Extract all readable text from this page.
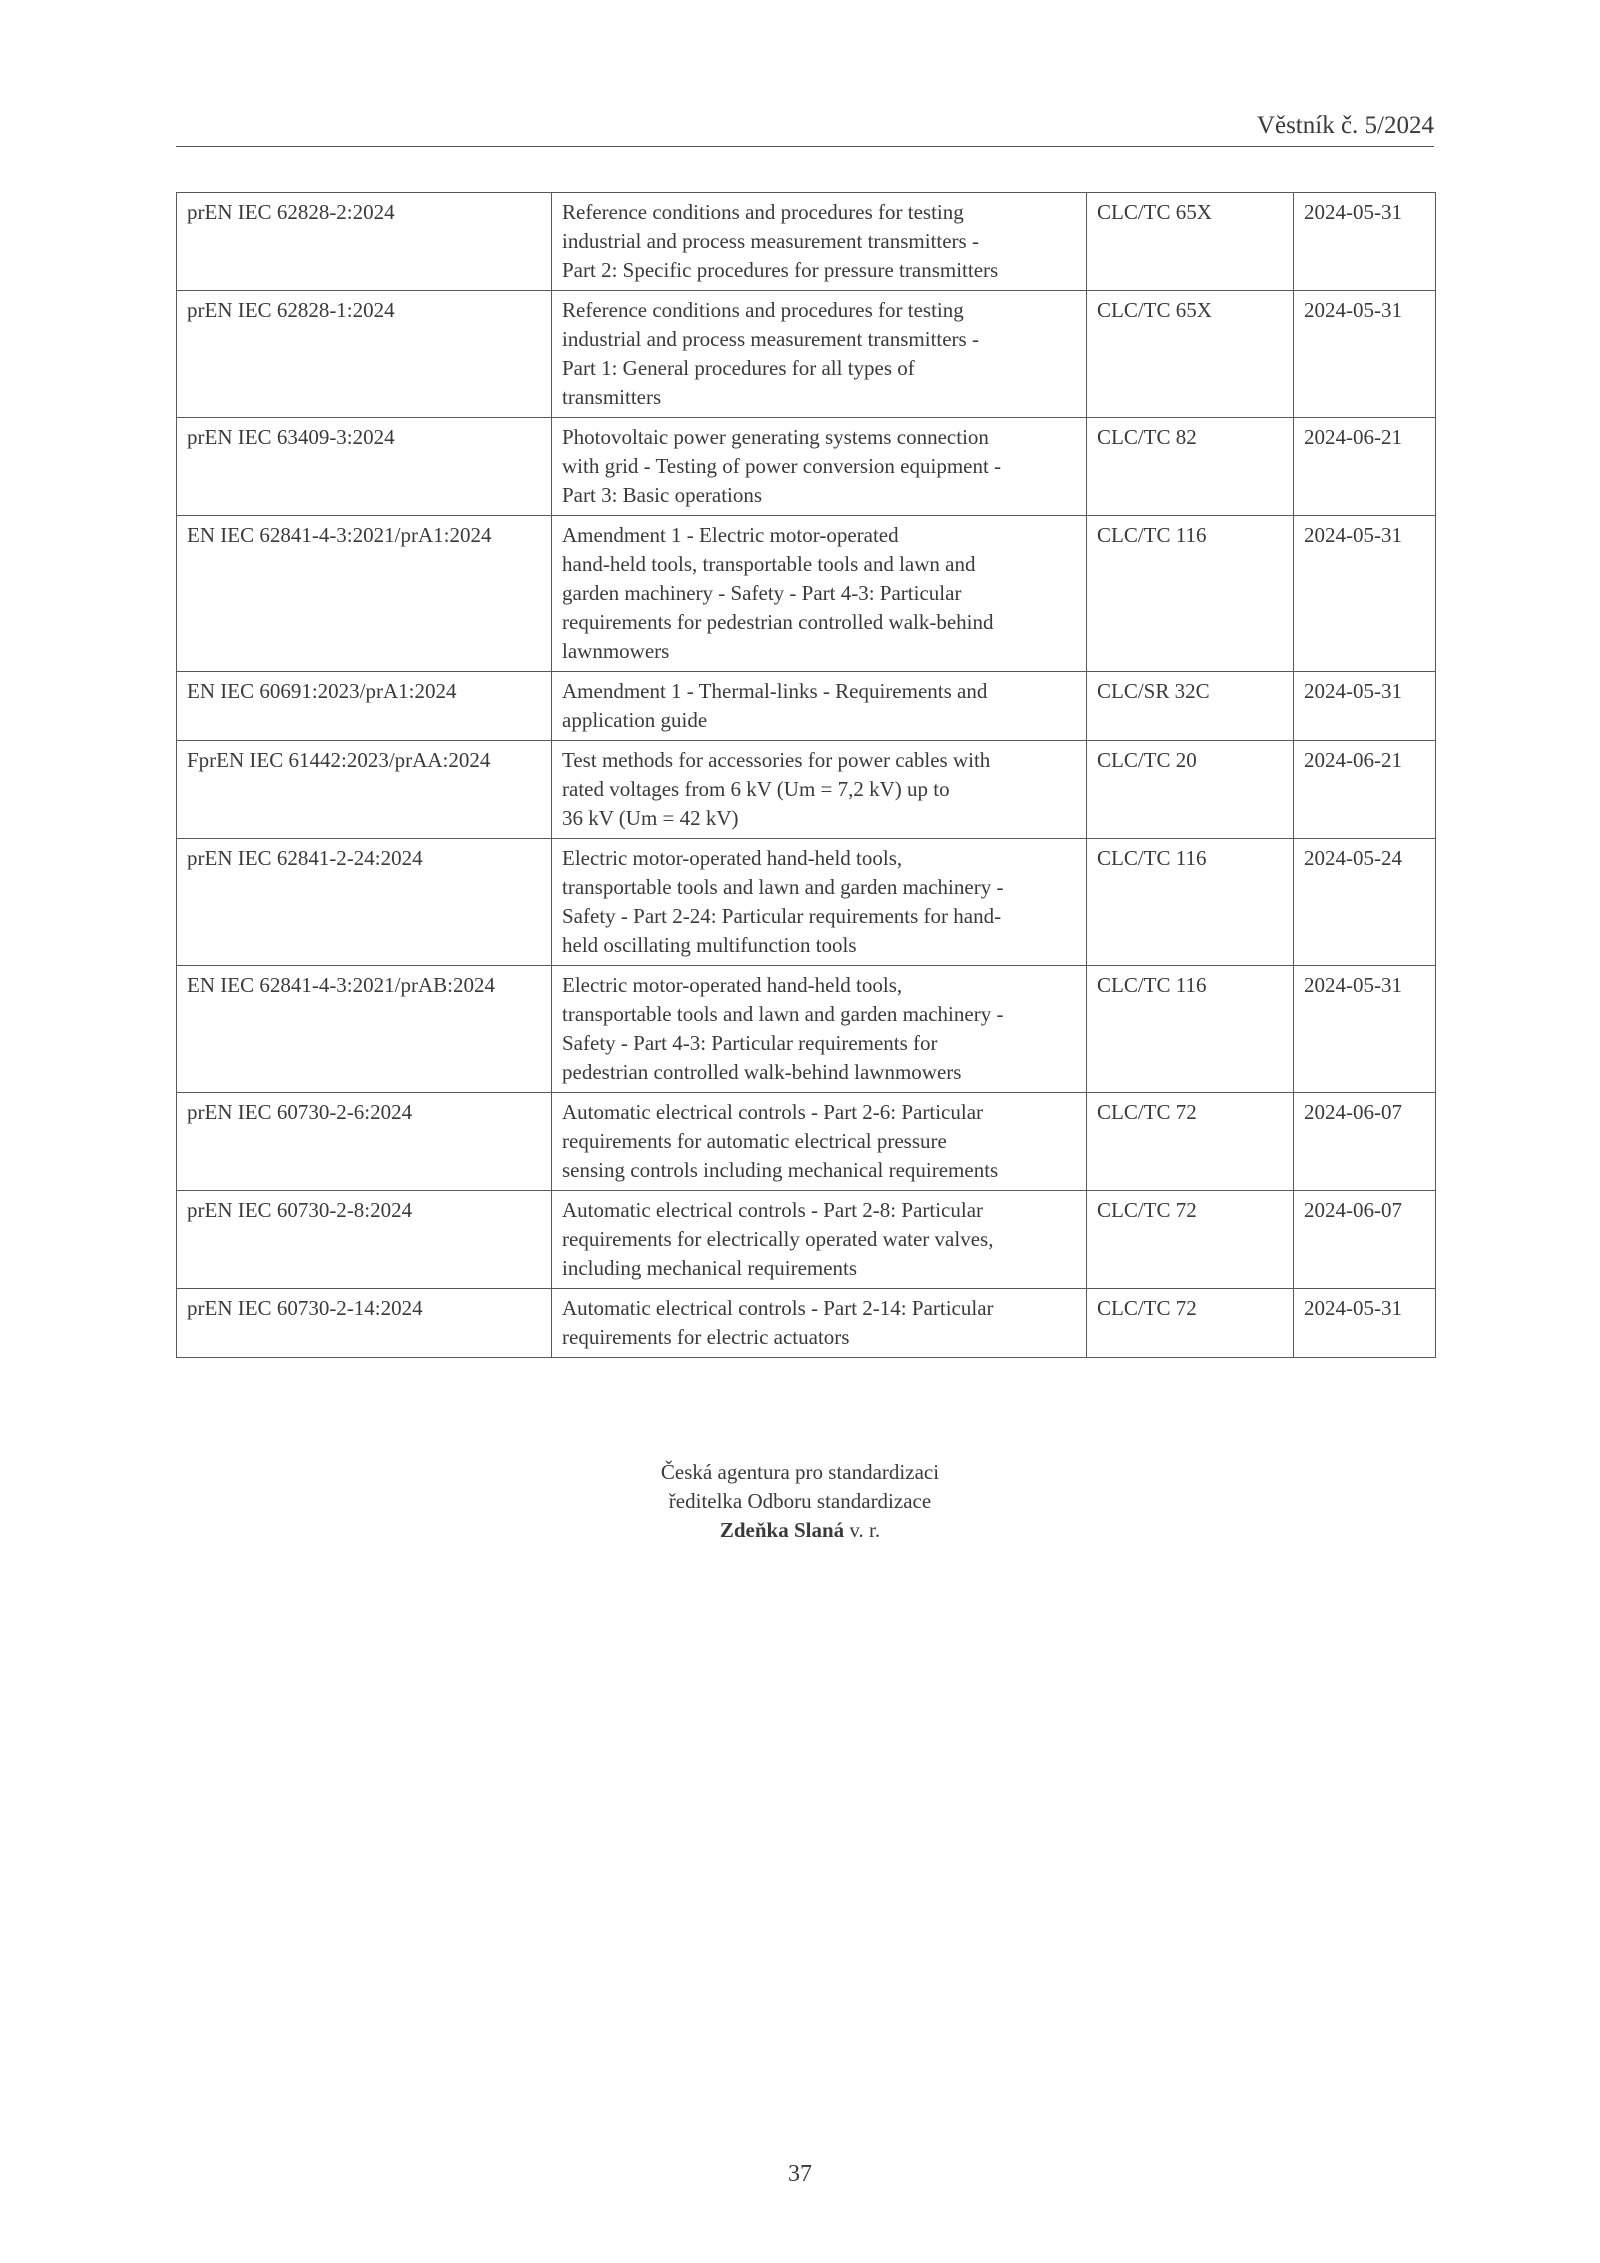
Věstník č. 5/2024
prEN IEC 62828-2:2024	Reference conditions and procedures for testing
industrial and process measurement transmitters -
Part 2: Specific procedures for pressure transmitters	CLC/TC 65X	2024-05-31
prEN IEC 62828-1:2024	Reference conditions and procedures for testing
industrial and process measurement transmitters -
Part 1: General procedures for all types of
transmitters	CLC/TC 65X	2024-05-31
prEN IEC 63409-3:2024	Photovoltaic power generating systems connection
with grid - Testing of power conversion equipment -
Part 3: Basic operations	CLC/TC 82	2024-06-21
EN IEC 62841-4-3:2021/prA1:2024	Amendment 1 - Electric motor-operated
hand-held tools, transportable tools and lawn and
garden machinery - Safety - Part 4-3: Particular
requirements for pedestrian controlled walk-behind
lawnmowers	CLC/TC 116	2024-05-31
EN IEC 60691:2023/prA1:2024	Amendment 1 - Thermal-links - Requirements and
application guide	CLC/SR 32C	2024-05-31
FprEN IEC 61442:2023/prAA:2024	Test methods for accessories for power cables with
rated voltages from 6 kV (Um = 7,2 kV) up to
36 kV (Um = 42 kV)	CLC/TC 20	2024-06-21
prEN IEC 62841-2-24:2024	Electric motor-operated hand-held tools,
transportable tools and lawn and garden machinery -
Safety - Part 2-24: Particular requirements for hand-
held oscillating multifunction tools	CLC/TC 116	2024-05-24
EN IEC 62841-4-3:2021/prAB:2024	Electric motor-operated hand-held tools,
transportable tools and lawn and garden machinery -
Safety - Part 4-3: Particular requirements for
pedestrian controlled walk-behind lawnmowers	CLC/TC 116	2024-05-31
prEN IEC 60730-2-6:2024	Automatic electrical controls - Part 2-6: Particular
requirements for automatic electrical pressure
sensing controls including mechanical requirements	CLC/TC 72	2024-06-07
prEN IEC 60730-2-8:2024	Automatic electrical controls - Part 2-8: Particular
requirements for electrically operated water valves,
including mechanical requirements	CLC/TC 72	2024-06-07
prEN IEC 60730-2-14:2024	Automatic electrical controls - Part 2-14: Particular
requirements for electric actuators	CLC/TC 72	2024-05-31
Česká agentura pro standardizaci
ředitelka Odboru standardizace
Zdeňka Slaná v. r.
37
